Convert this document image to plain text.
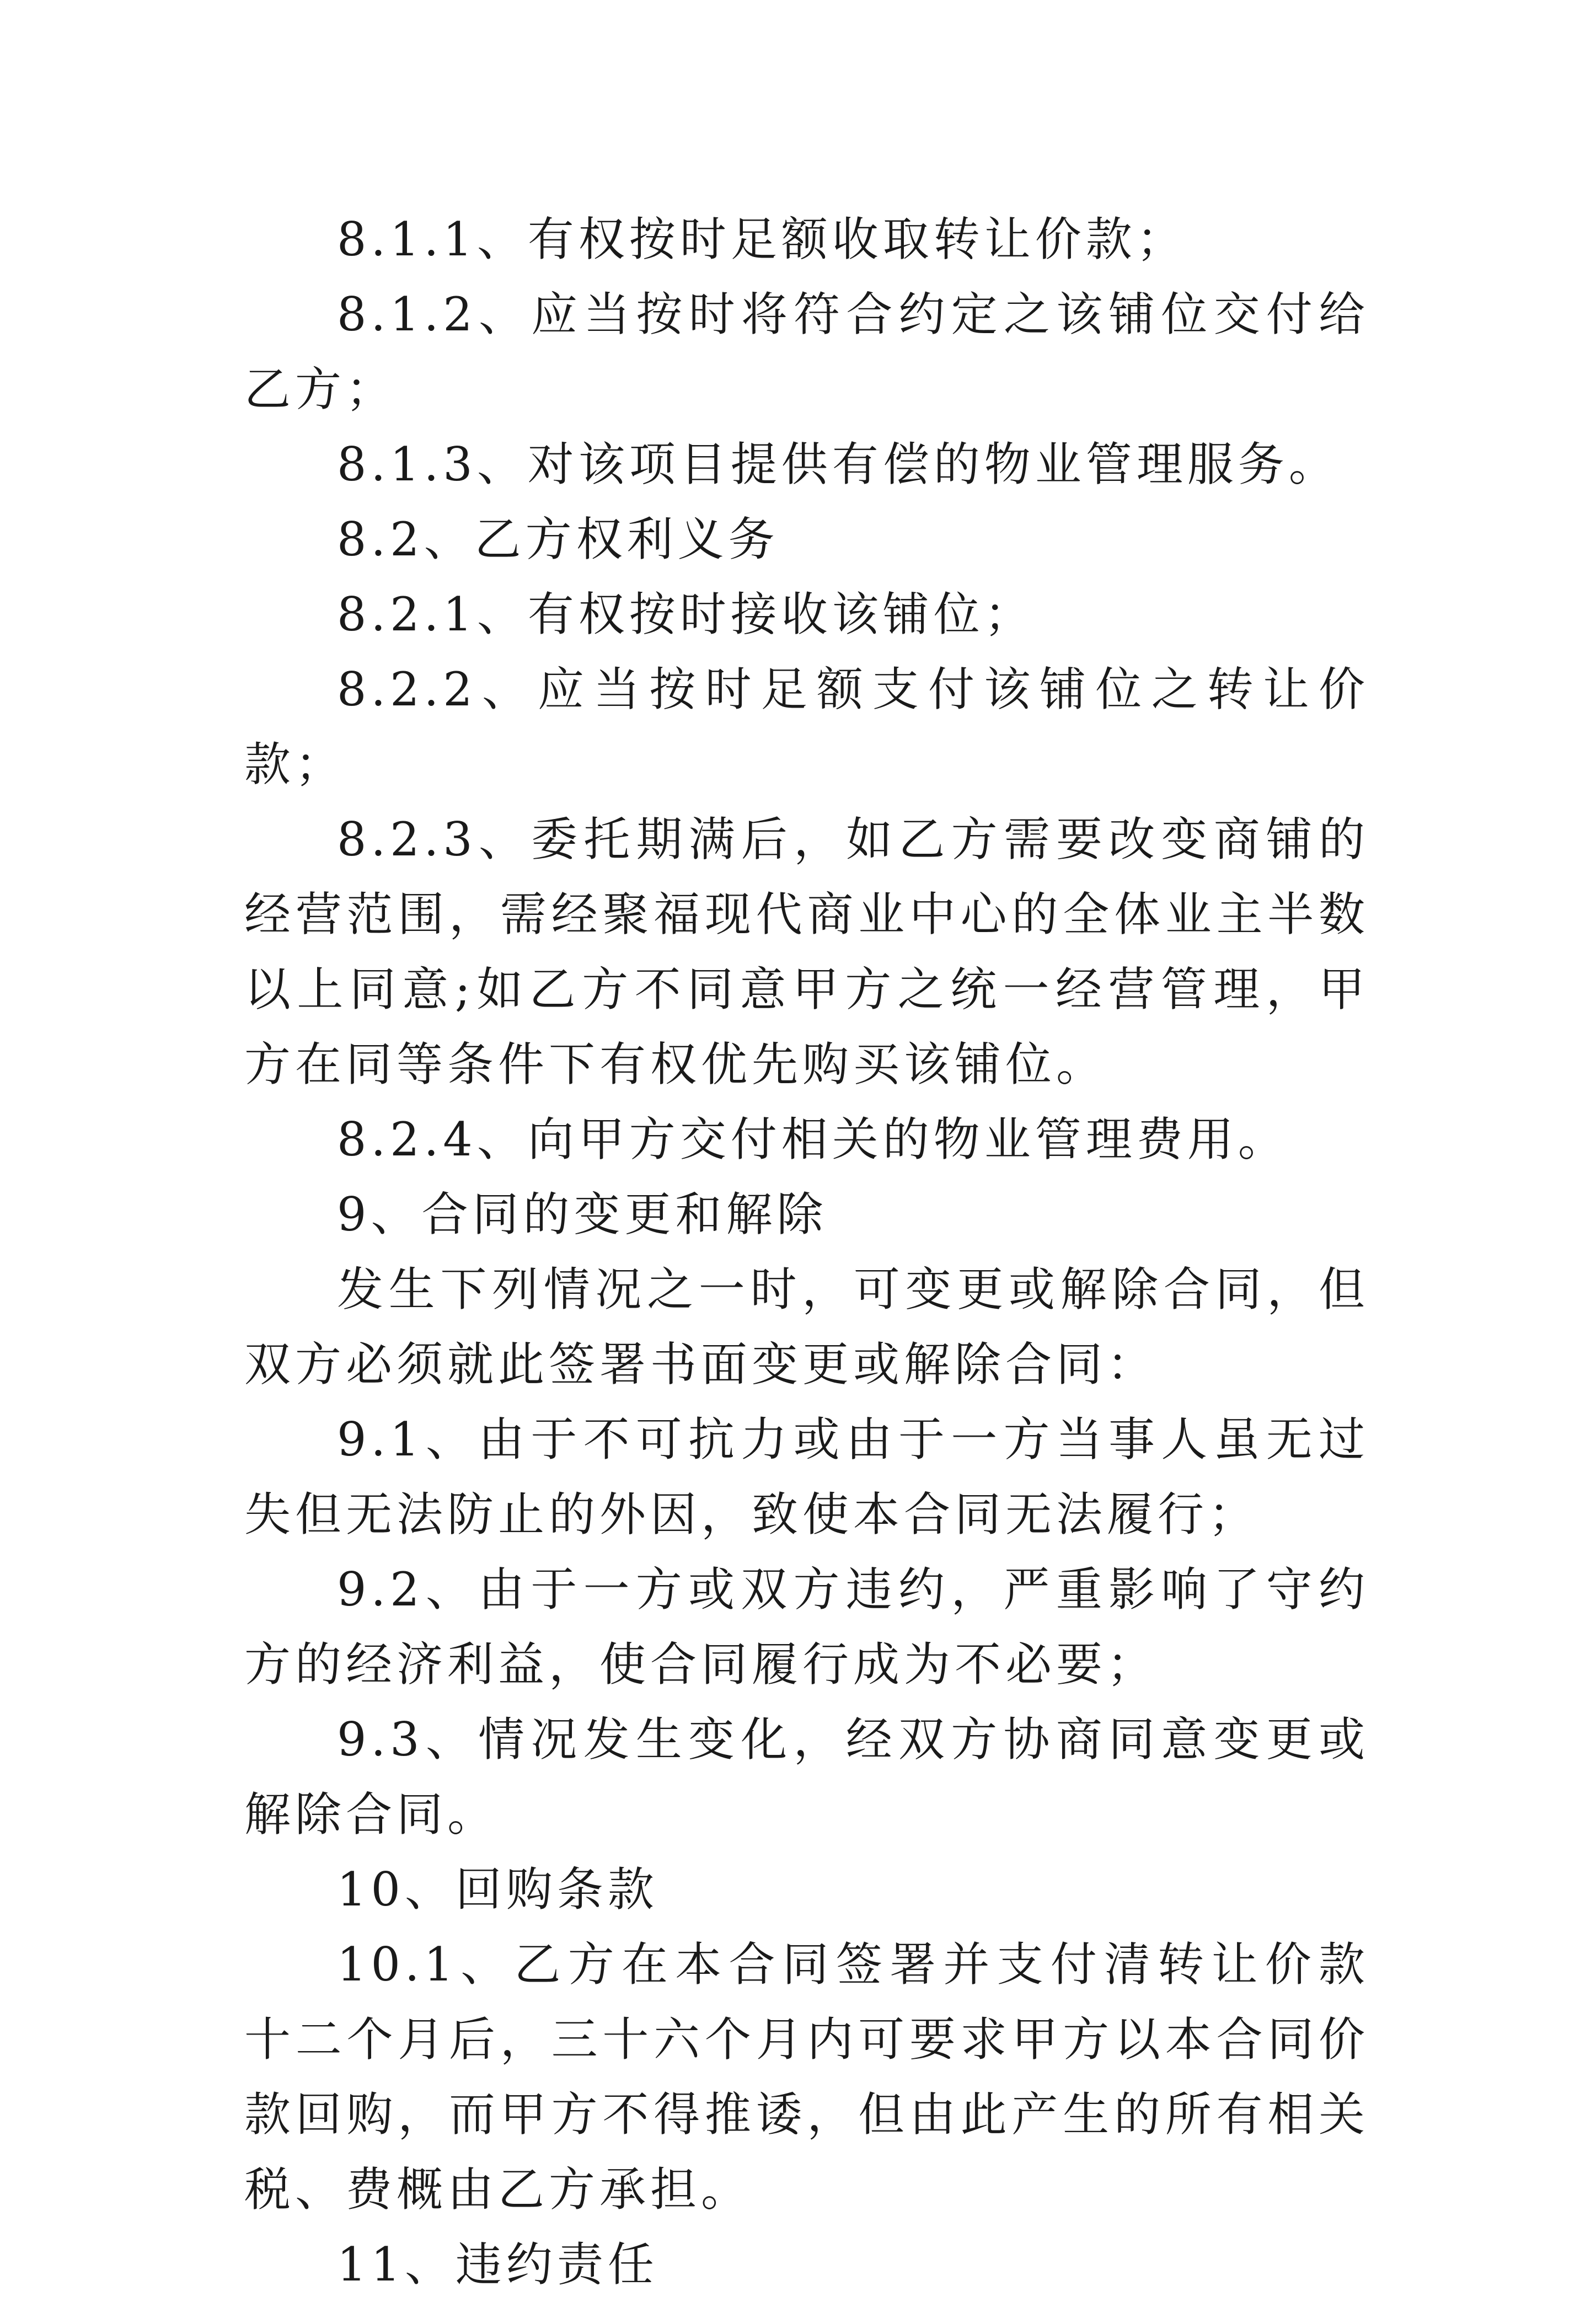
8.1.1、有权按时足额收取转让价款；

8.1.2、应当按时将符合约定之该铺位交付给乙方；

8.1.3、对该项目提供有偿的物业管理服务。

8.2、乙方权利义务

8.2.1、有权按时接收该铺位；

8.2.2、应当按时足额支付该铺位之转让价款；

8.2.3、委托期满后，如乙方需要改变商铺的经营范围，需经聚福现代商业中心的全体业主半数以上同意;如乙方不同意甲方之统一经营管理，甲方在同等条件下有权优先购买该铺位。

8.2.4、向甲方交付相关的物业管理费用。

9、合同的变更和解除

发生下列情况之一时，可变更或解除合同，但双方必须就此签署书面变更或解除合同：

9.1、由于不可抗力或由于一方当事人虽无过失但无法防止的外因，致使本合同无法履行；

9.2、由于一方或双方违约，严重影响了守约方的经济利益，使合同履行成为不必要；

9.3、情况发生变化，经双方协商同意变更或解除合同。

10、回购条款

10.1、乙方在本合同签署并支付清转让价款十二个月后，三十六个月内可要求甲方以本合同价款回购，而甲方不得推诿，但由此产生的所有相关税、费概由乙方承担。

11、违约责任
